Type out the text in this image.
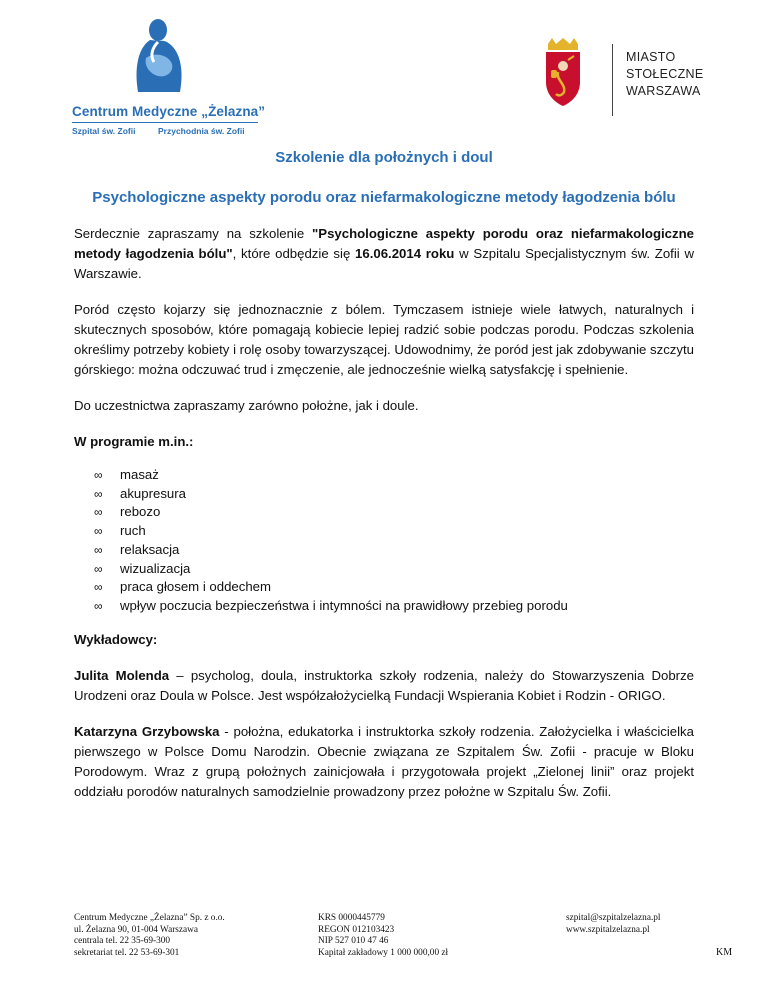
Centrum Medyczne „Żelazna”
Szpital św. Zofii	Przychodnia św. Zofii
MIASTO
STOŁECZNE
WARSZAWA
Szkolenie dla położnych i doul
Psychologiczne aspekty porodu oraz niefarmakologiczne metody łagodzenia bólu

Serdecznie zapraszamy na szkolenie "Psychologiczne aspekty porodu oraz niefarmakologiczne metody łagodzenia bólu", które odbędzie się 16.06.2014 roku w Szpitalu Specjalistycznym św. Zofii w Warszawie.

Poród często kojarzy się jednoznacznie z bólem. Tymczasem istnieje wiele łatwych, naturalnych i skutecznych sposobów, które pomagają kobiecie lepiej radzić sobie podczas porodu. Podczas szkolenia określimy potrzeby kobiety i rolę osoby towarzyszącej. Udowodnimy, że poród jest jak zdobywanie szczytu górskiego: można odczuwać trud i zmęczenie, ale jednocześnie wielką satysfakcję i spełnienie.

Do uczestnictwa zapraszamy zarówno położne, jak i doule.

W programie m.in.:

∞ masaż
∞ akupresura
∞ rebozo
∞ ruch
∞ relaksacja
∞ wizualizacja
∞ praca głosem i oddechem
∞ wpływ poczucia bezpieczeństwa i intymności na prawidłowy przebieg porodu

Wykładowcy:

Julita Molenda – psycholog, doula, instruktorka szkoły rodzenia, należy do Stowarzyszenia Dobrze Urodzeni oraz Doula w Polsce. Jest współzałożycielką Fundacji Wspierania Kobiet i Rodzin - ORIGO.

Katarzyna Grzybowska - położna, edukatorka i instruktorka szkoły rodzenia. Założycielka i właścicielka pierwszego w Polsce Domu Narodzin. Obecnie związana ze Szpitalem Św. Zofii - pracuje w Bloku Porodowym. Wraz z grupą położnych zainicjowała i przygotowała projekt „Zielonej linii” oraz projekt oddziału porodów naturalnych samodzielnie prowadzony przez położne w Szpitalu Św. Zofii.

Centrum Medyczne „Żelazna” Sp. z o.o.
ul. Żelazna 90, 01-004 Warszawa
centrala tel. 22 35-69-300
sekretariat tel. 22 53-69-301
KRS 0000445779
REGON 012103423
NIP 527 010 47 46
Kapitał zakładowy 1 000 000,00 zł
szpital@szpitalzelazna.pl
www.szpitalzelazna.pl
KM
